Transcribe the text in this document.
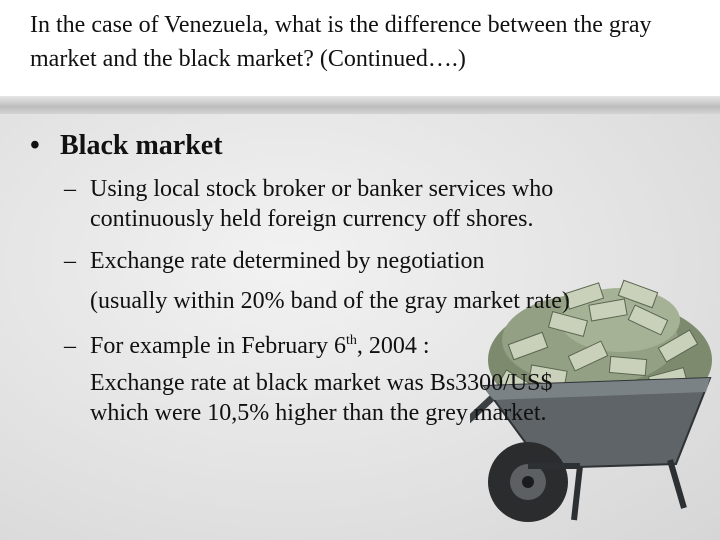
In the case of Venezuela, what is the difference between the gray market and the black market? (Continued….)
• Black market
– Using local stock broker or banker services who
continuously held foreign currency off shores.
– Exchange rate determined by negotiation
(usually within 20% band of the gray market rate)
– For example in February 6th, 2004 :
Exchange rate at black market was Bs3300/US$
which were 10,5% higher than the grey market.
